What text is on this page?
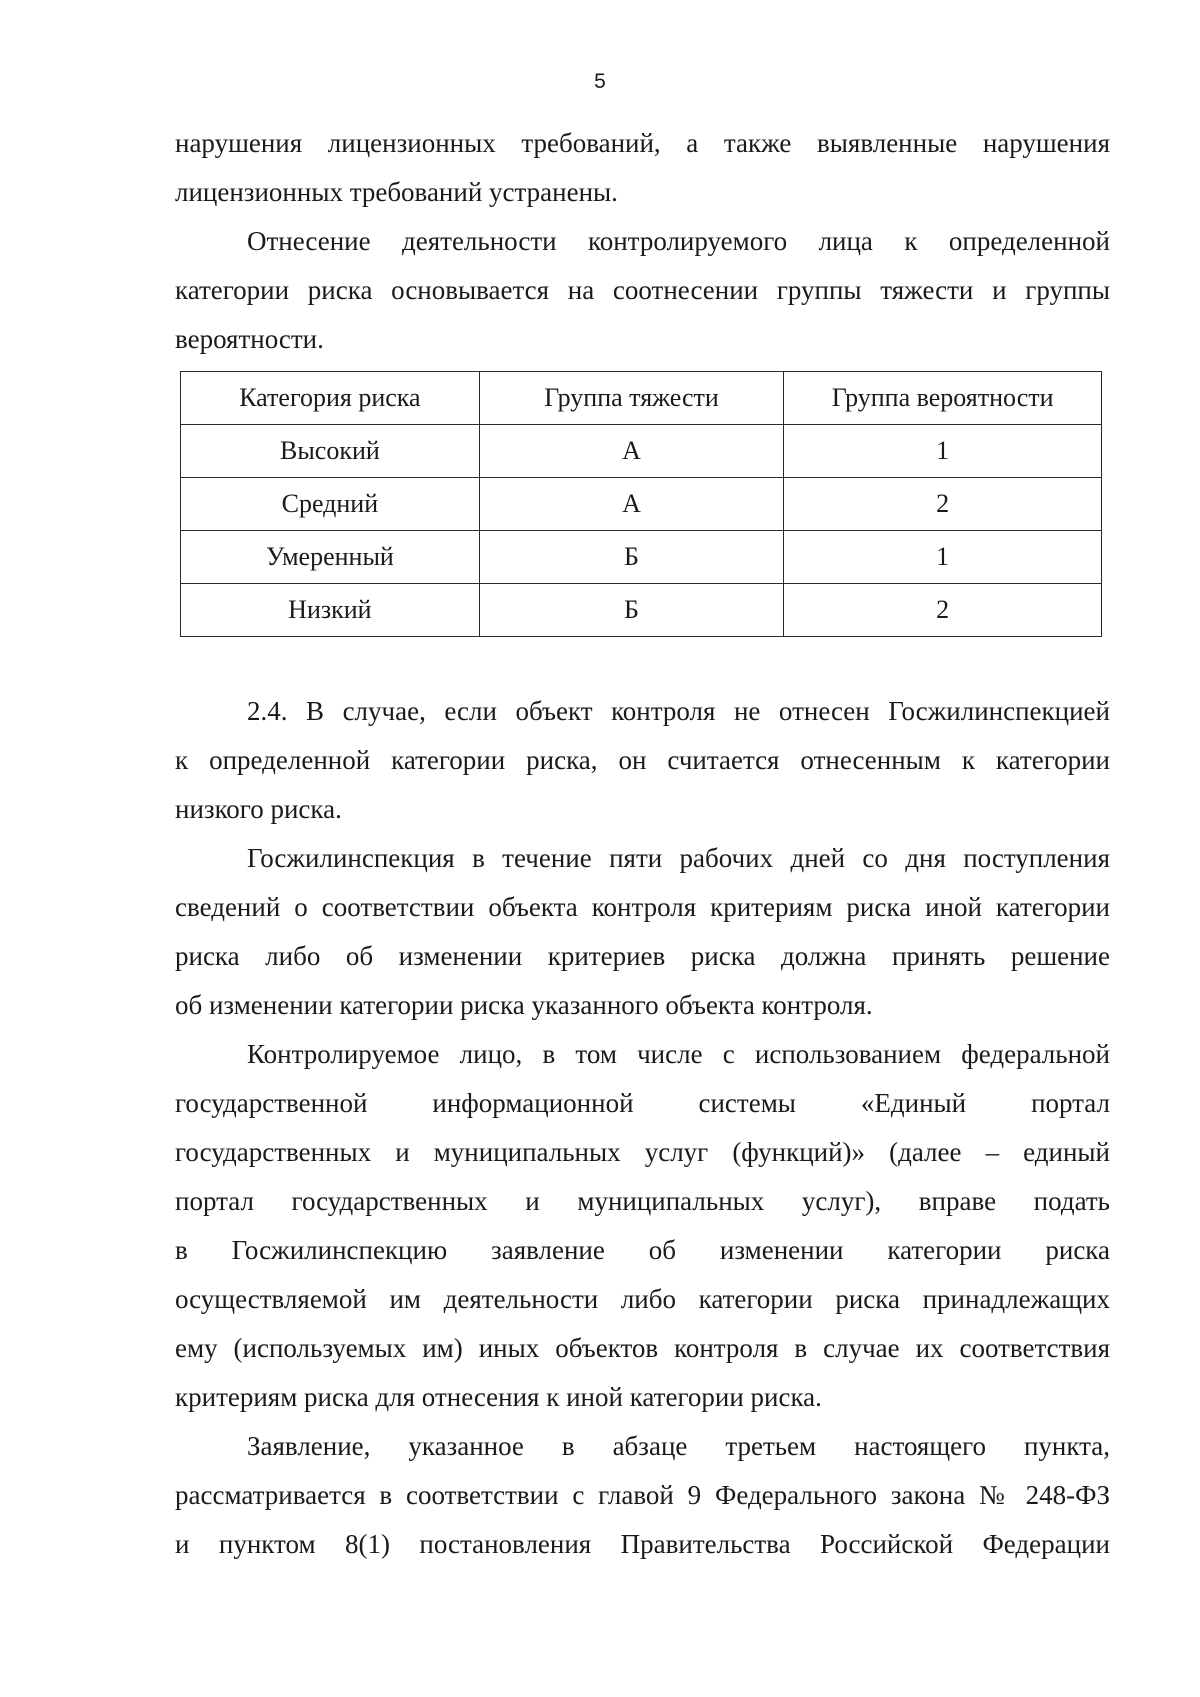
5

нарушения лицензионных требований, а также выявленные нарушения

лицензионных требований устранены.

Отнесение деятельности контролируемого лица к определенной

категории риска основывается на соотнесении группы тяжести и группы

вероятности.

Категория риска	Группа тяжести	Группа вероятности
Высокий	А	1
Средний	А	2
Умеренный	Б	1
Низкий	Б	2

2.4. В случае, если объект контроля не отнесен Госжилинспекцией

к определенной категории риска, он считается отнесенным к категории

низкого риска.

Госжилинспекция в течение пяти рабочих дней со дня поступления

сведений о соответствии объекта контроля критериям риска иной категории

риска либо об изменении критериев риска должна принять решение

об изменении категории риска указанного объекта контроля.

Контролируемое лицо, в том числе с использованием федеральной

государственной информационной системы «Единый портал

государственных и муниципальных услуг (функций)» (далее – единый

портал государственных и муниципальных услуг), вправе подать

в Госжилинспекцию заявление об изменении категории риска

осуществляемой им деятельности либо категории риска принадлежащих

ему (используемых им) иных объектов контроля в случае их соответствия

критериям риска для отнесения к иной категории риска.

Заявление, указанное в абзаце третьем настоящего пункта,

рассматривается в соответствии с главой 9 Федерального закона № 248-ФЗ

и пунктом 8(1) постановления Правительства Российской Федерации
